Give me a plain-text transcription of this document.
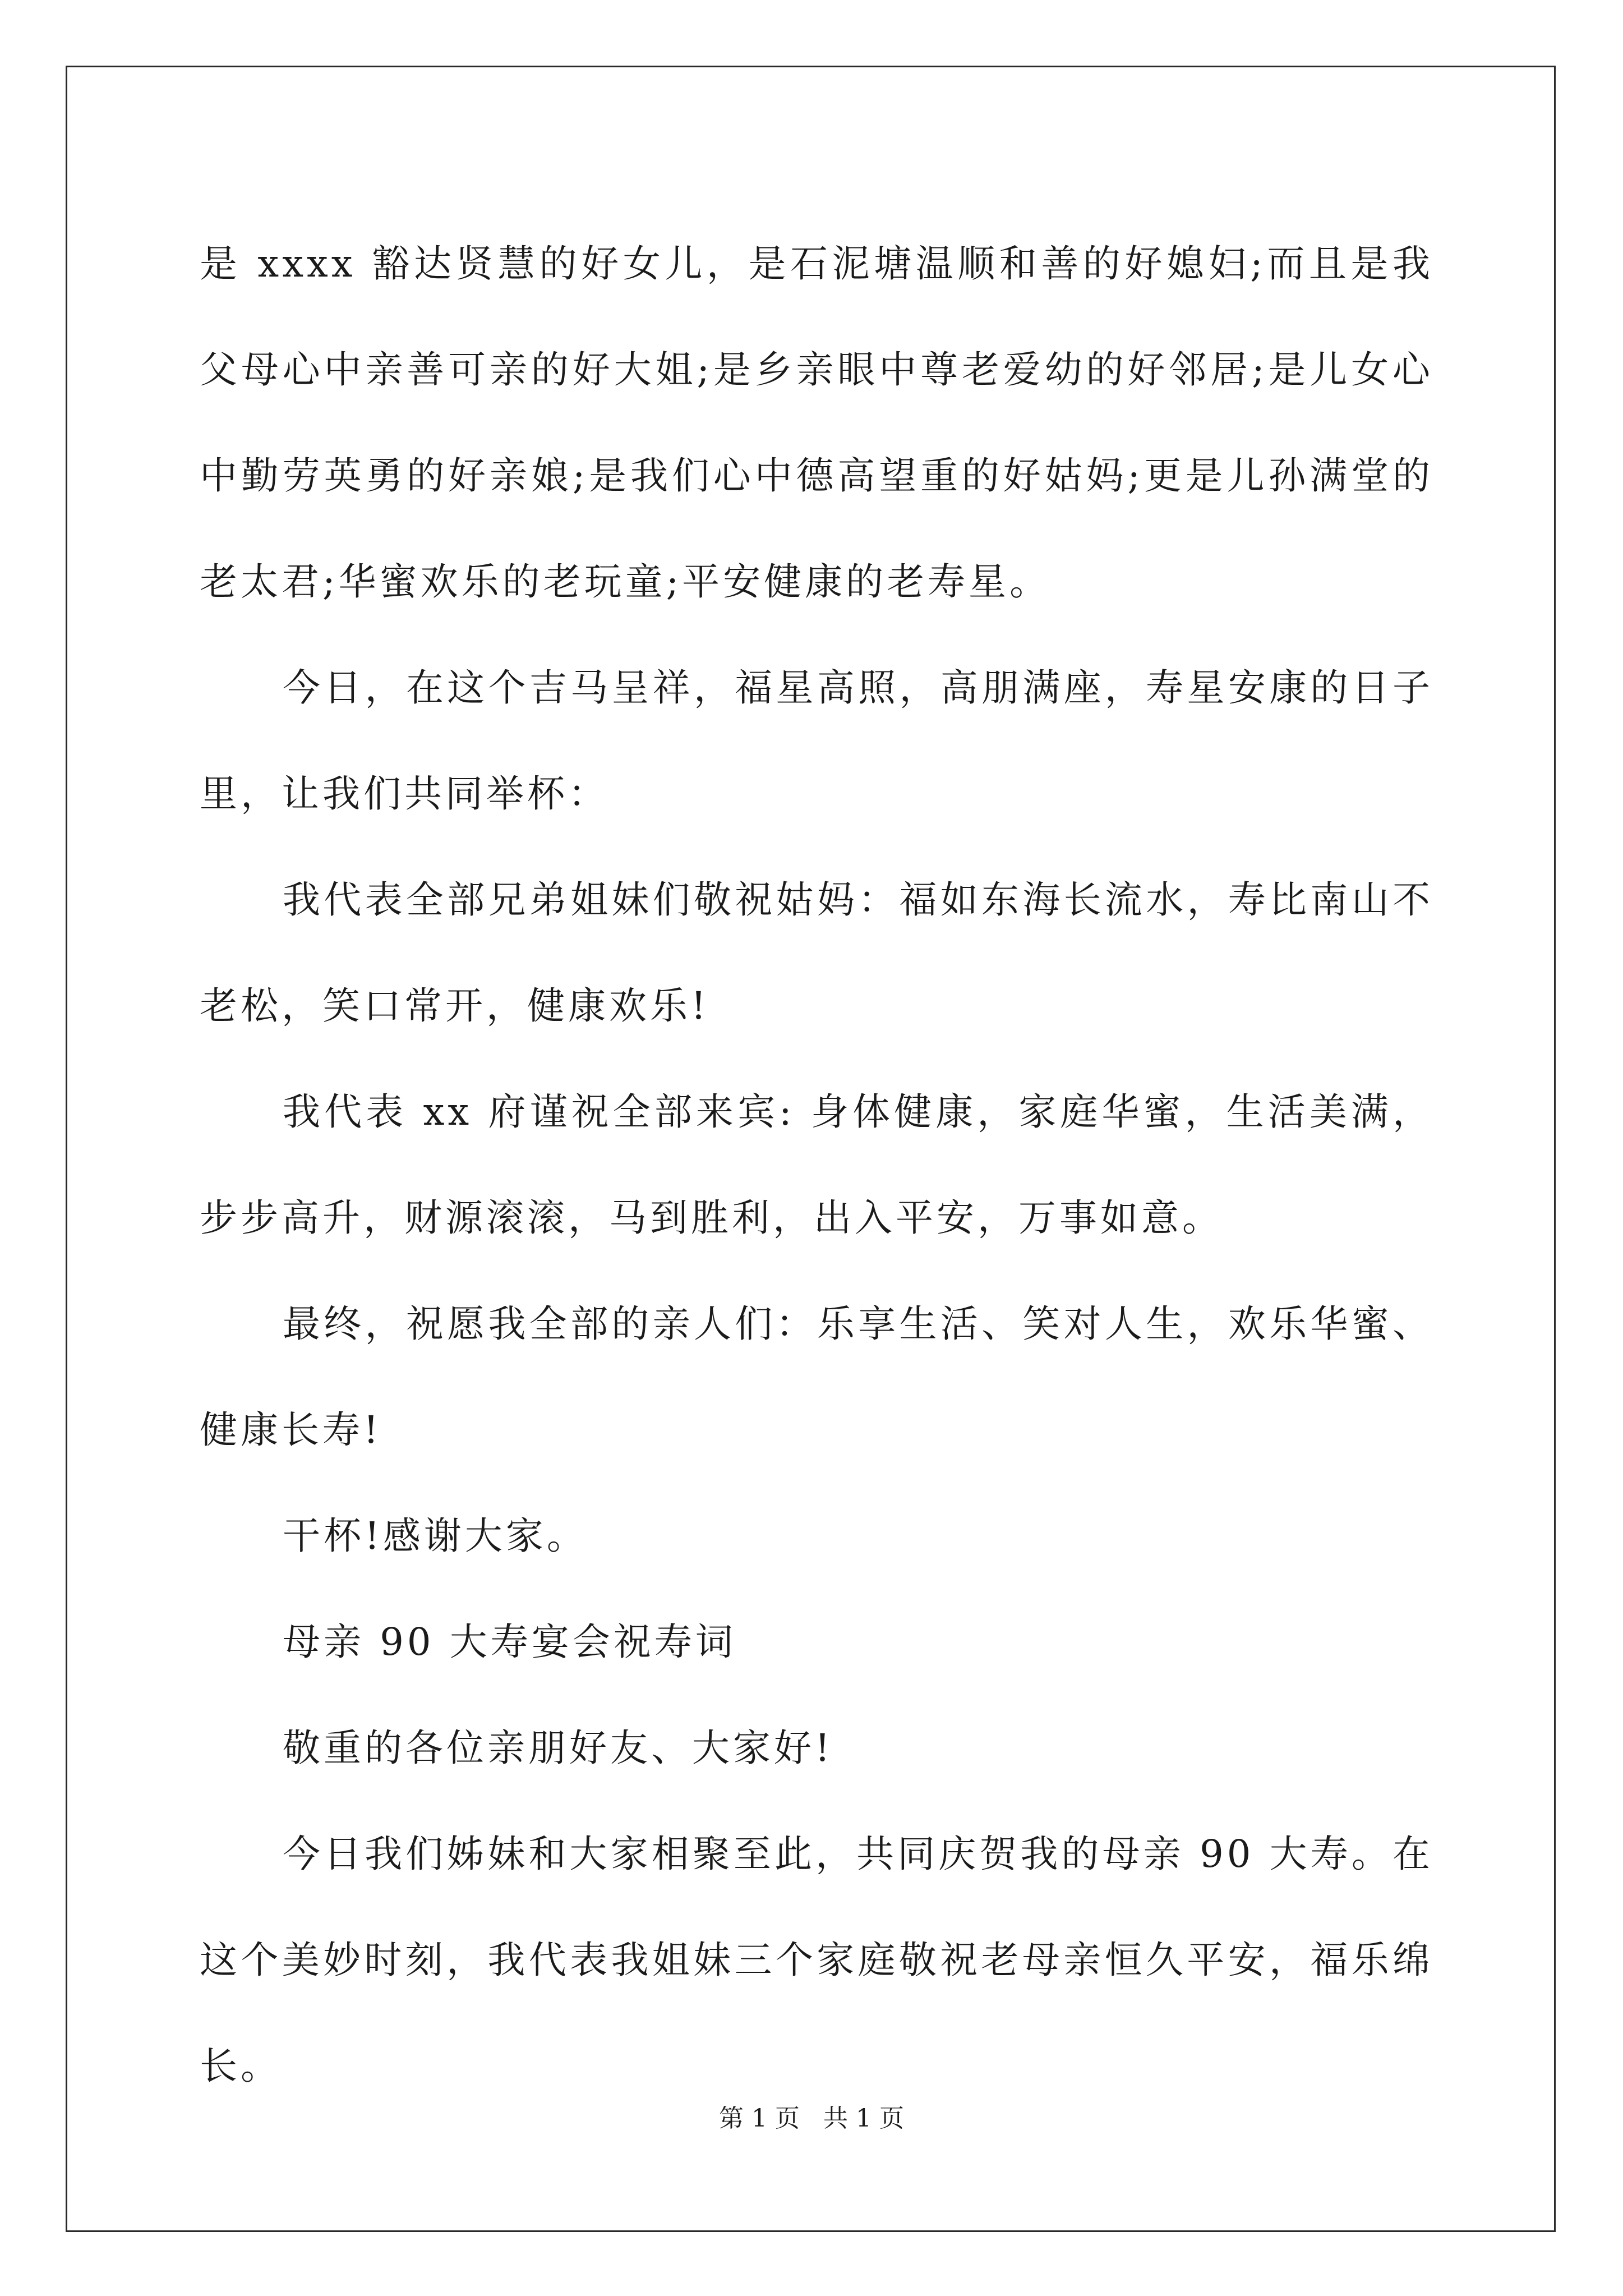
是 xxxx 豁达贤慧的好女儿，是石泥塘温顺和善的好媳妇;而且是我父母心中亲善可亲的好大姐;是乡亲眼中尊老爱幼的好邻居;是儿女心中勤劳英勇的好亲娘;是我们心中德高望重的好姑妈;更是儿孙满堂的老太君;华蜜欢乐的老玩童;平安健康的老寿星。

今日，在这个吉马呈祥，福星高照，高朋满座，寿星安康的日子里，让我们共同举杯：

我代表全部兄弟姐妹们敬祝姑妈：福如东海长流水，寿比南山不老松，笑口常开，健康欢乐!

我代表 xx 府谨祝全部来宾: 身体健康，家庭华蜜，生活美满，步步高升，财源滚滚，马到胜利，出入平安，万事如意。

最终，祝愿我全部的亲人们：乐享生活、笑对人生，欢乐华蜜、健康长寿!

干杯!感谢大家。

母亲 90 大寿宴会祝寿词

敬重的各位亲朋好友、大家好!

今日我们姊妹和大家相聚至此，共同庆贺我的母亲 90 大寿。在这个美妙时刻，我代表我姐妹三个家庭敬祝老母亲恒久平安，福乐绵长。

第 1 页   共 1 页
